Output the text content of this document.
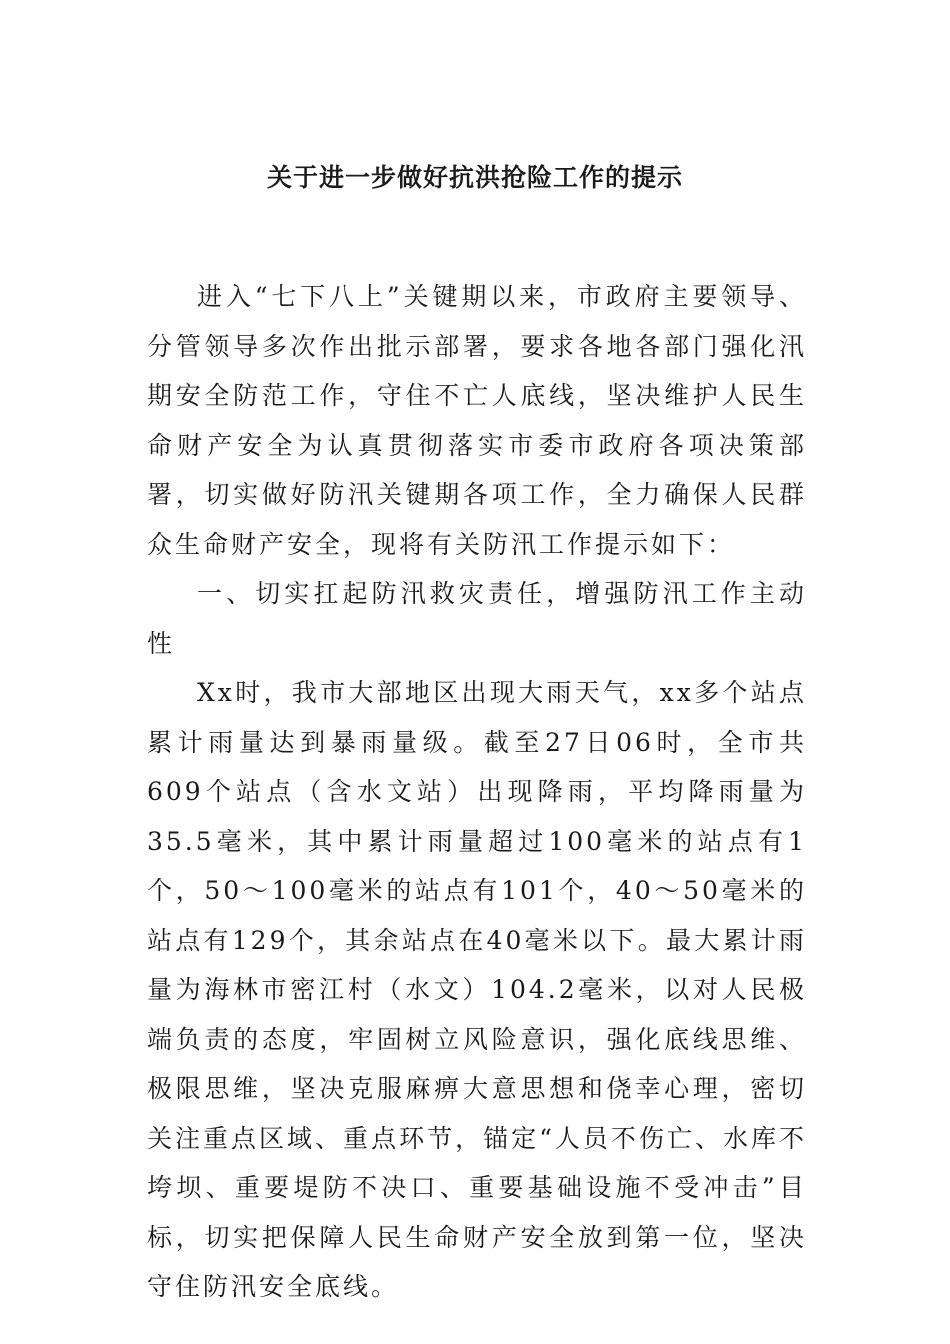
关于进一步做好抗洪抢险工作的提示

进入“七下八上”关键期以来，市政府主要领导、分管领导多次作出批示部署，要求各地各部门强化汛期安全防范工作，守住不亡人底线，坚决维护人民生命财产安全为认真贯彻落实市委市政府各项决策部署，切实做好防汛关键期各项工作，全力确保人民群众生命财产安全，现将有关防汛工作提示如下：

一、切实扛起防汛救灾责任，增强防汛工作主动性

Xx时，我市大部地区出现大雨天气，xx多个站点累计雨量达到暴雨量级。截至27日06时，全市共609个站点（含水文站）出现降雨，平均降雨量为35.5毫米，其中累计雨量超过100毫米的站点有1个，50～100毫米的站点有101个，40～50毫米的站点有129个，其余站点在40毫米以下。最大累计雨量为海林市密江村（水文）104.2毫米，以对人民极端负责的态度，牢固树立风险意识，强化底线思维、极限思维，坚决克服麻痹大意思想和侥幸心理，密切关注重点区域、重点环节，锚定“人员不伤亡、水库不垮坝、重要堤防不决口、重要基础设施不受冲击”目标，切实把保障人民生命财产安全放到第一位，坚决守住防汛安全底线。
